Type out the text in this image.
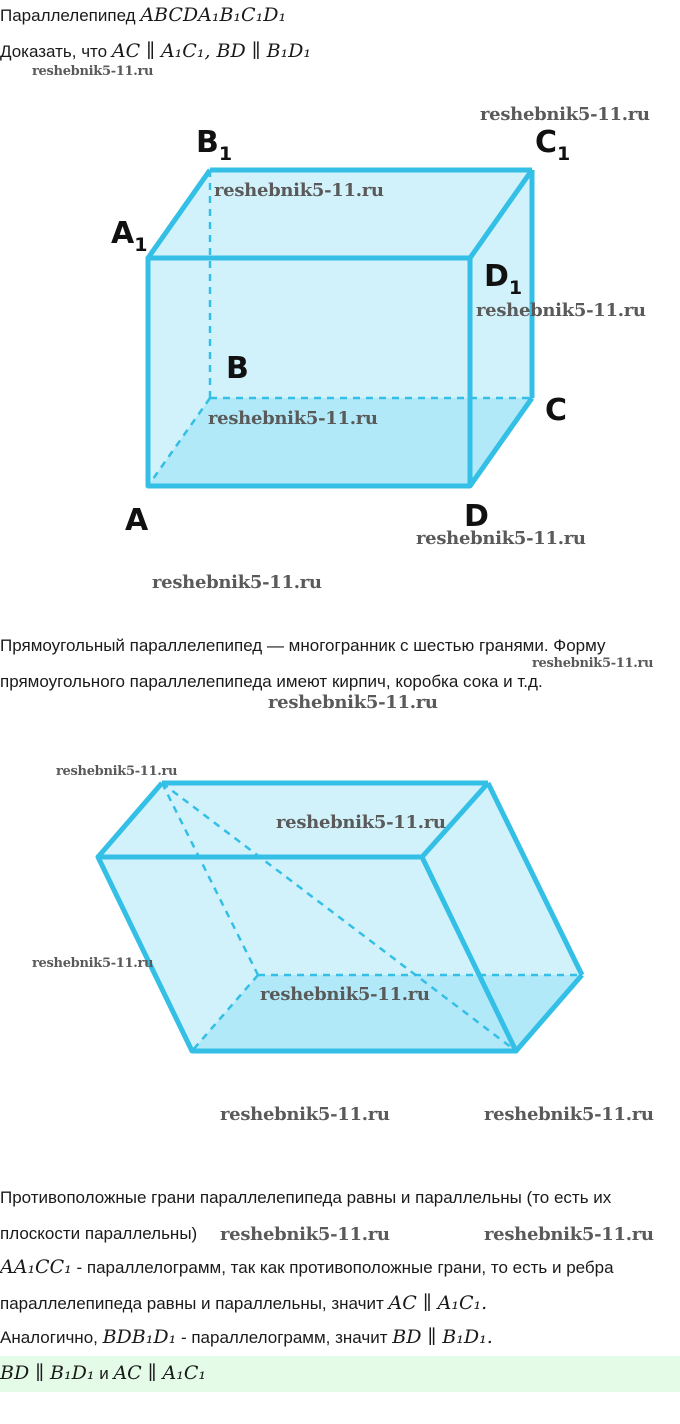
Параллелепипед ABCDA₁B₁C₁D₁
Доказать, что AC ∥ A₁C₁, BD ∥ B₁D₁
$B_1$	$C_1$
$A_1$
$D_1$
B
C
A	D
Прямоугольный параллелепипед — многогранник с шестью гранями. Форму
прямоугольного параллелепипеда имеют кирпич, коробка сока и т.д.
Противоположные грани параллелепипеда равны и параллельны (то есть их
плоскости параллельны)
AA₁CC₁ - параллелограмм, так как противоположные грани, то есть и ребра
параллелепипеда равны и параллельны, значит AC ∥ A₁C₁.
Аналогично, BDB₁D₁ - параллелограмм, значит BD ∥ B₁D₁.
BD ∥ B₁D₁ и AC ∥ A₁C₁
reshebnik5-11.ru
reshebnik5-11.ru
reshebnik5-11.ru
reshebnik5-11.ru
reshebnik5-11.ru
reshebnik5-11.ru
reshebnik5-11.ru
reshebnik5-11.ru
reshebnik5-11.ru
reshebnik5-11.ru
reshebnik5-11.ru
reshebnik5-11.ru
reshebnik5-11.ru
reshebnik5-11.ru	reshebnik5-11.ru
reshebnik5-11.ru	reshebnik5-11.ru
